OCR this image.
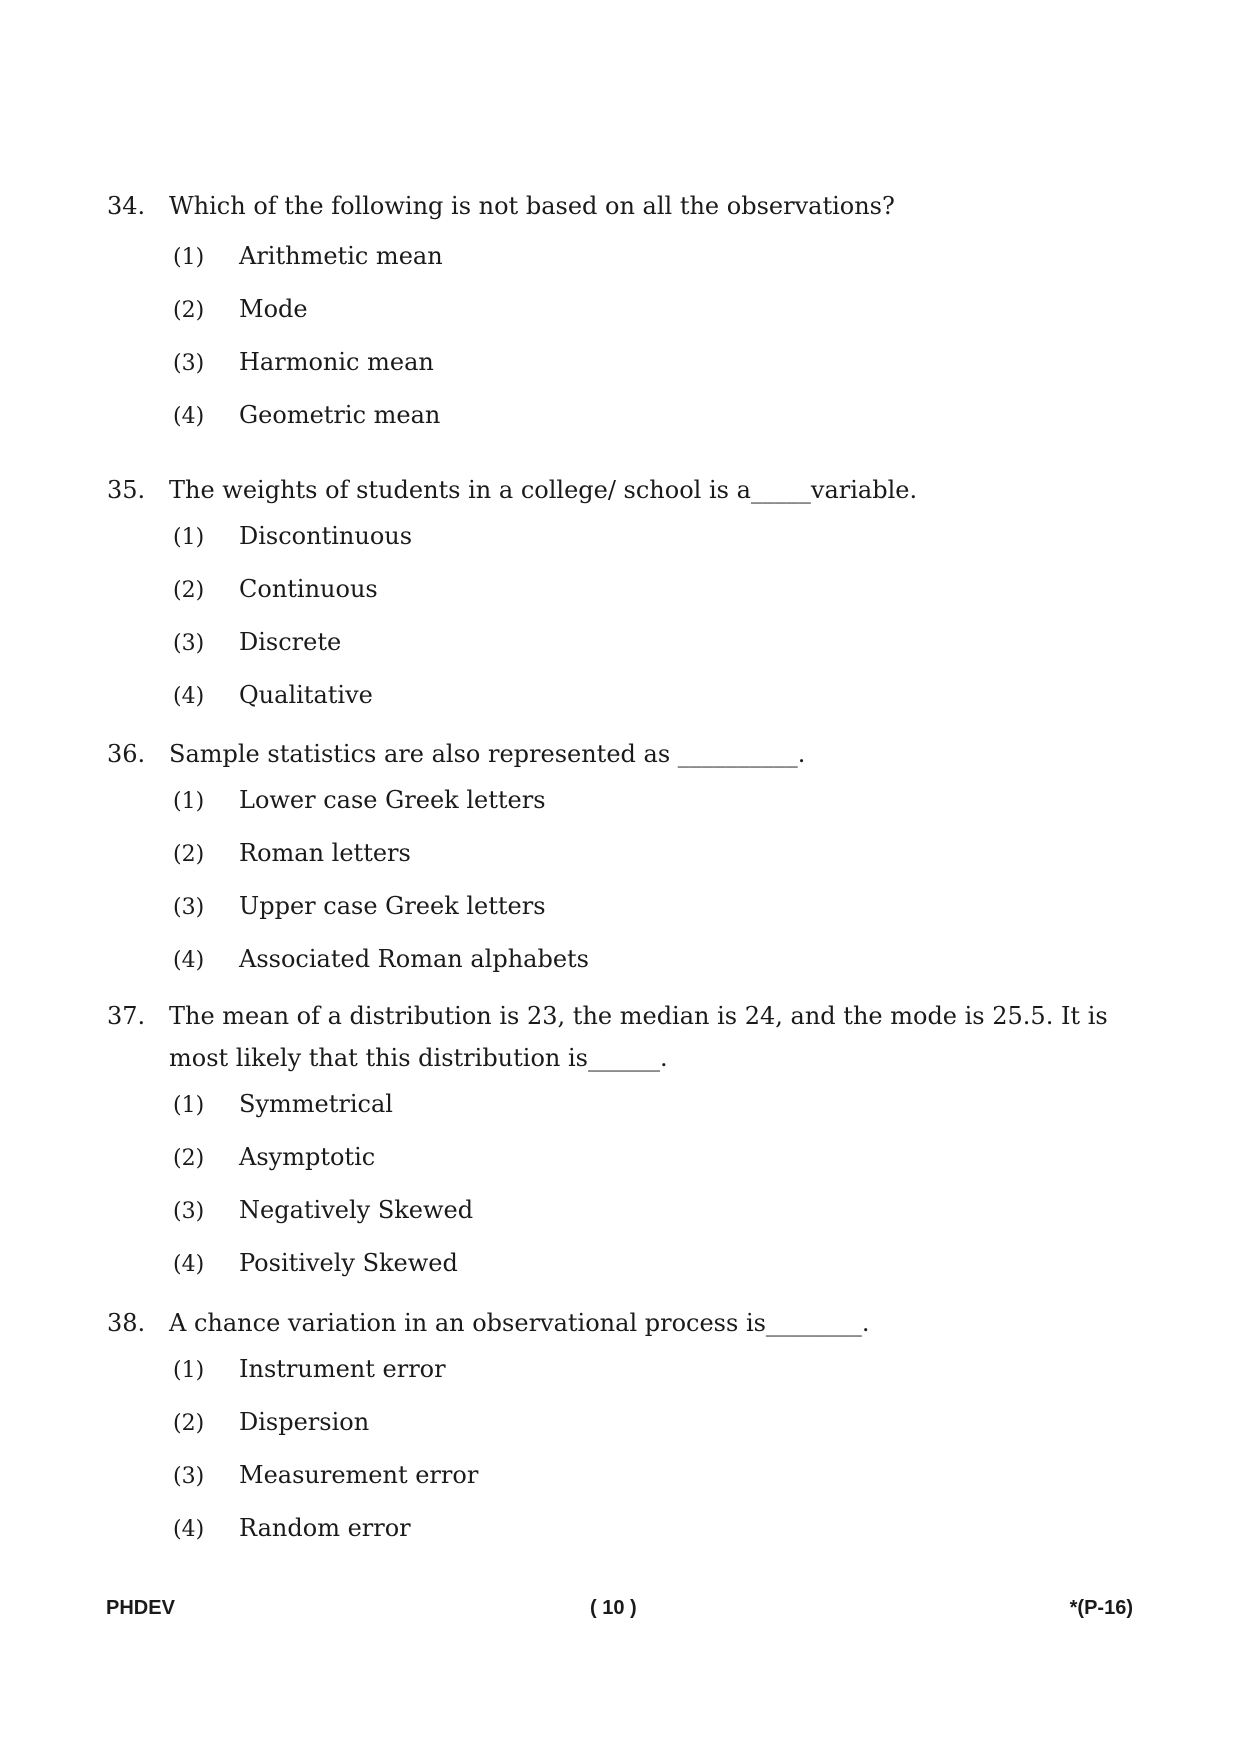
34. Which of the following is not based on all the observations?
(1)	Arithmetic mean
(2)	Mode
(3)	Harmonic mean
(4)	Geometric mean
35. The weights of students in a college/ school is a_____variable.
(1)	Discontinuous
(2)	Continuous
(3)	Discrete
(4)	Qualitative
36. Sample statistics are also represented as __________.
(1)	Lower case Greek letters
(2)	Roman letters
(3)	Upper case Greek letters
(4)	Associated Roman alphabets
37. The mean of a distribution is 23, the median is 24, and the mode is 25.5. It is most likely that this distribution is______.
(1)	Symmetrical
(2)	Asymptotic
(3)	Negatively Skewed
(4)	Positively Skewed
38. A chance variation in an observational process is________.
(1)	Instrument error
(2)	Dispersion
(3)	Measurement error
(4)	Random error
PHDEV	( 10 )	*(P-16)
